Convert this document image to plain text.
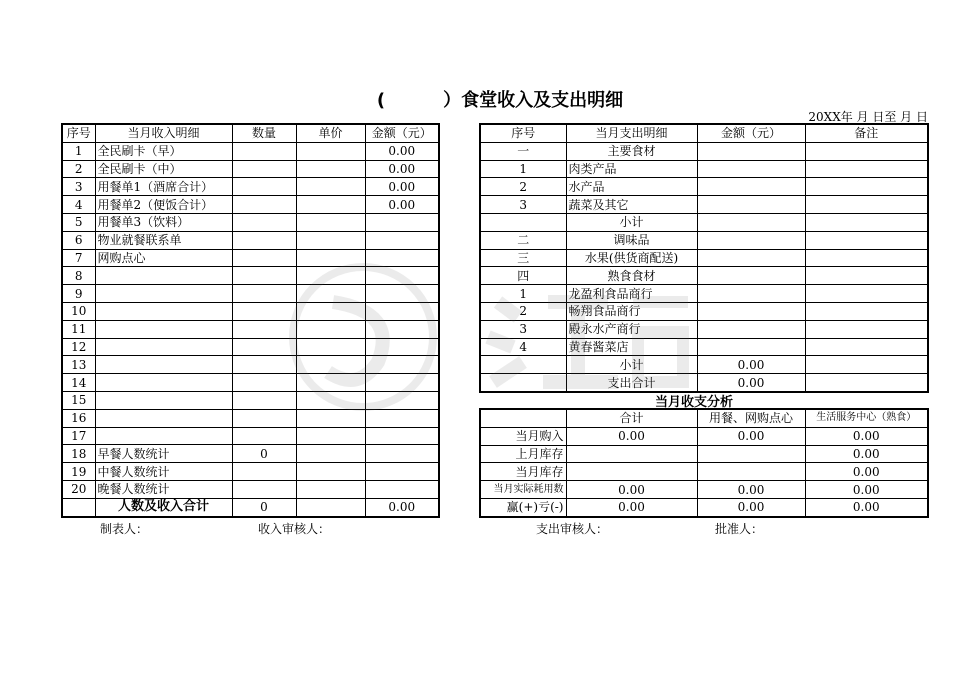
(	）食堂收入及支出明细
20XX年 月 日至 月 日
序号	当月收入明细	数量	单价	金额（元）
1	全民刷卡（早）			0.00
2	全民刷卡（中）			0.00
3	用餐单1（酒席合计）			0.00
4	用餐单2（便饭合计）			0.00
5	用餐单3（饮料）			
6	物业就餐联系单			
7	网购点心			
8				
9				
10				
11				
12				
13				
14				
15				
16				
17				
18	早餐人数统计	0		
19	中餐人数统计			
20	晚餐人数统计			
	人数及收入合计	0		0.00
序号	当月支出明细	金额（元）	备注
一	主要食材		
1	肉类产品		
2	水产品		
3	蔬菜及其它		
	小计		
二	调味品		
三	水果(供货商配送)		
四	熟食食材		
1	龙盈利食品商行		
2	畅翔食品商行		
3	殿永水产商行		
4	黄春酱菜店		
	小计	0.00	
	支出合计	0.00	
当月收支分析
	合计	用餐、网购点心	生活服务中心（熟食）
当月购入	0.00	0.00	0.00
上月库存			0.00
当月库存			0.00
当月实际耗用数	0.00	0.00	0.00
赢(+)亏(-)	0.00	0.00	0.00
制表人：	收入审核人：	支出审核人：	批准人：
